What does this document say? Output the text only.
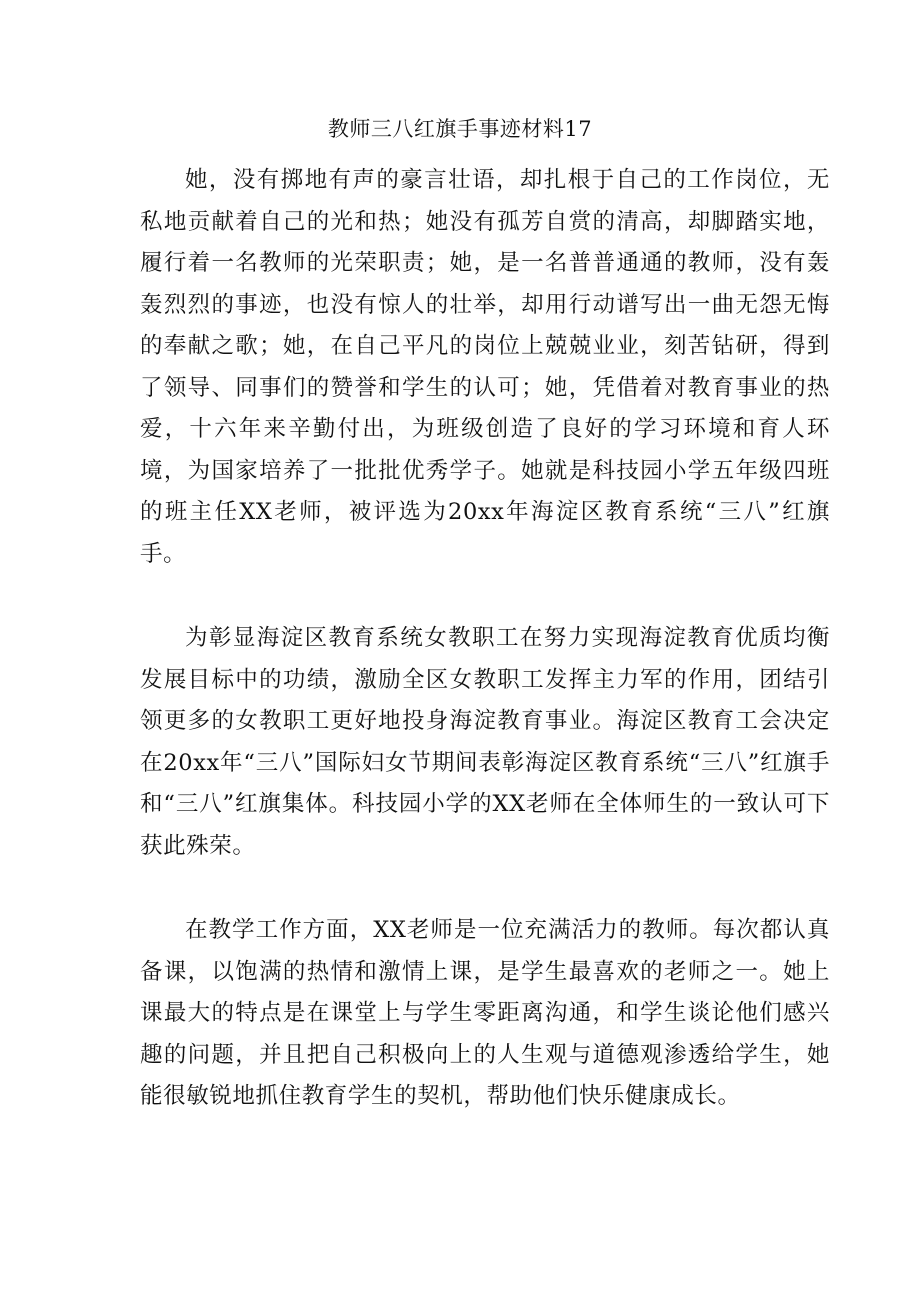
教师三八红旗手事迹材料17

她，没有掷地有声的豪言壮语，却扎根于自己的工作岗位，无私地贡献着自己的光和热；她没有孤芳自赏的清高，却脚踏实地，履行着一名教师的光荣职责；她，是一名普普通通的教师，没有轰轰烈烈的事迹，也没有惊人的壮举，却用行动谱写出一曲无怨无悔的奉献之歌；她，在自己平凡的岗位上兢兢业业，刻苦钻研，得到了领导、同事们的赞誉和学生的认可；她，凭借着对教育事业的热爱，十六年来辛勤付出，为班级创造了良好的学习环境和育人环境，为国家培养了一批批优秀学子。她就是科技园小学五年级四班的班主任XX老师，被评选为20xx年海淀区教育系统“三八”红旗手。

为彰显海淀区教育系统女教职工在努力实现海淀教育优质均衡发展目标中的功绩，激励全区女教职工发挥主力军的作用，团结引领更多的女教职工更好地投身海淀教育事业。海淀区教育工会决定在20xx年“三八”国际妇女节期间表彰海淀区教育系统“三八”红旗手和“三八”红旗集体。科技园小学的XX老师在全体师生的一致认可下获此殊荣。

在教学工作方面，XX老师是一位充满活力的教师。每次都认真备课，以饱满的热情和激情上课，是学生最喜欢的老师之一。她上课最大的特点是在课堂上与学生零距离沟通，和学生谈论他们感兴趣的问题，并且把自己积极向上的人生观与道德观渗透给学生，她能很敏锐地抓住教育学生的契机，帮助他们快乐健康成长。
